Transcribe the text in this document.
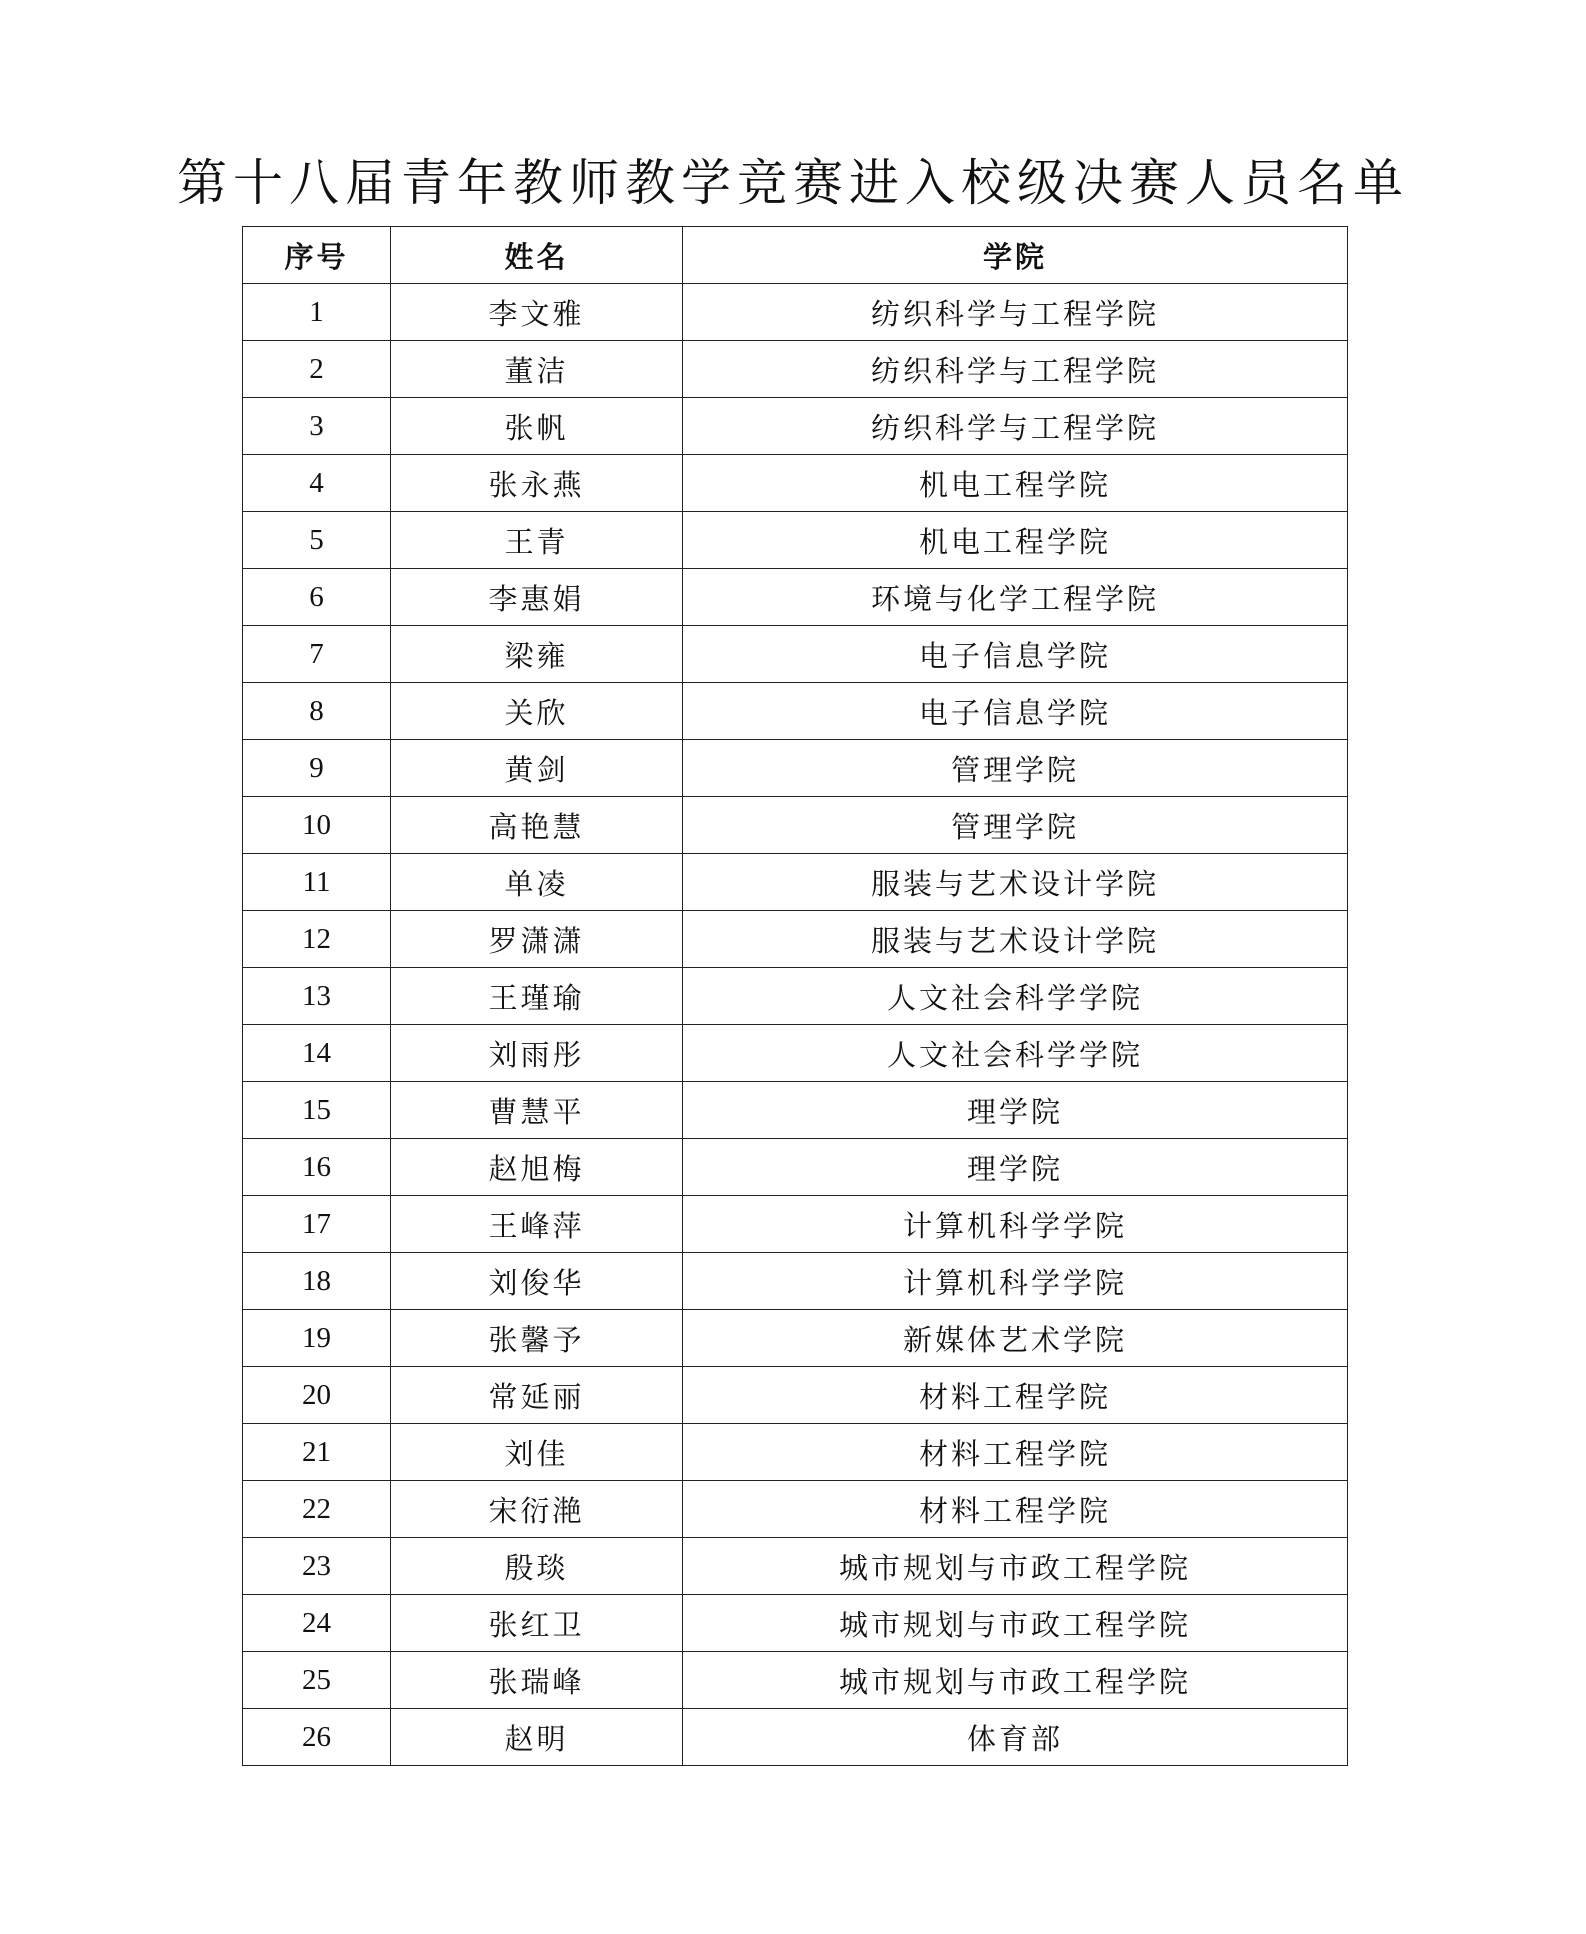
第十八届青年教师教学竞赛进入校级决赛人员名单
序号	姓名	学院
1	李文雅	纺织科学与工程学院
2	董洁	纺织科学与工程学院
3	张帆	纺织科学与工程学院
4	张永燕	机电工程学院
5	王青	机电工程学院
6	李惠娟	环境与化学工程学院
7	梁雍	电子信息学院
8	关欣	电子信息学院
9	黄剑	管理学院
10	高艳慧	管理学院
11	单凌	服装与艺术设计学院
12	罗潇潇	服装与艺术设计学院
13	王瑾瑜	人文社会科学学院
14	刘雨彤	人文社会科学学院
15	曹慧平	理学院
16	赵旭梅	理学院
17	王峰萍	计算机科学学院
18	刘俊华	计算机科学学院
19	张馨予	新媒体艺术学院
20	常延丽	材料工程学院
21	刘佳	材料工程学院
22	宋衍滟	材料工程学院
23	殷琰	城市规划与市政工程学院
24	张红卫	城市规划与市政工程学院
25	张瑞峰	城市规划与市政工程学院
26	赵明	体育部
